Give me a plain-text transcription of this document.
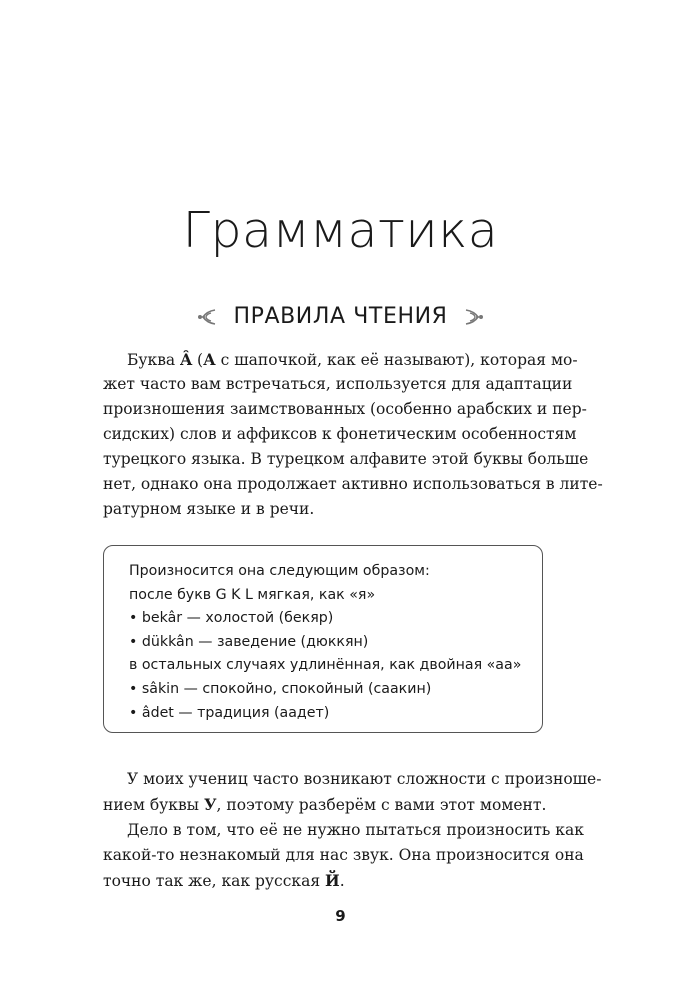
Грамматика
ПРАВИЛА ЧТЕНИЯ
Буква Â (А с шапочкой, как её называют), которая мо-
жет часто вам встречаться, используется для адаптации
произношения заимствованных (особенно арабских и пер-
сидских) слов и аффиксов к фонетическим особенностям
турецкого языка. В турецком алфавите этой буквы больше
нет, однако она продолжает активно использоваться в лите-
ратурном языке и в речи.
Произносится она следующим образом:
после букв G K L мягкая, как «я»
• bekâr — холостой (бекяр)
• dükkân — заведение (дюккян)
в остальных случаях удлинённая, как двойная «аа»
• sâkin — спокойно, спокойный (саакин)
• âdet — традиция (аадет)
У моих учениц часто возникают сложности с произноше-
нием буквы У, поэтому разберём с вами этот момент.
Дело в том, что её не нужно пытаться произносить как
какой-то незнакомый для нас звук. Она произносится она
точно так же, как русская Й.
9
